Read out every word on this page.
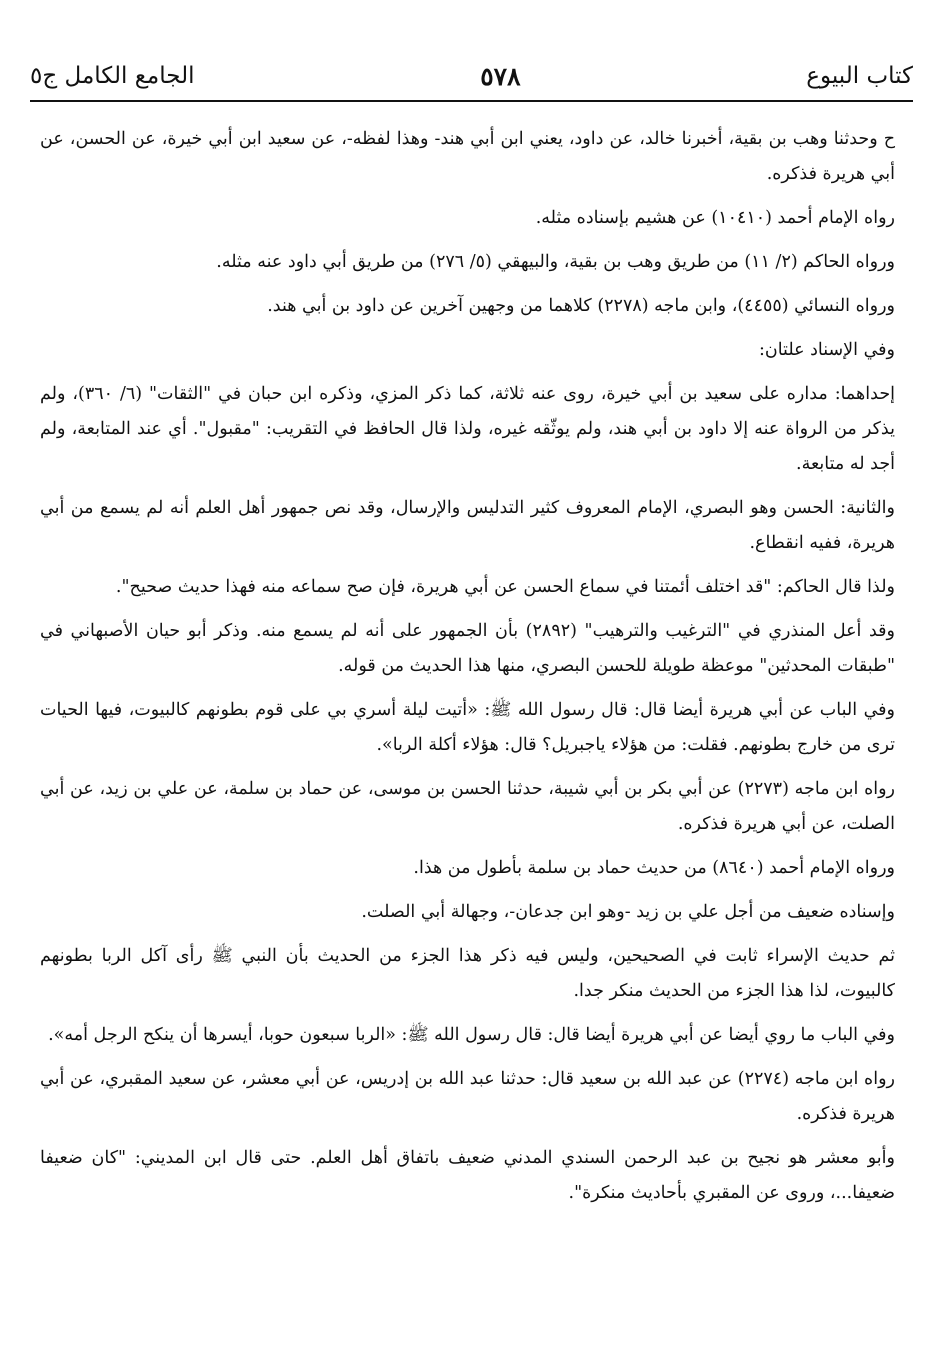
كتاب البيوع
٥٧٨
الجامع الكامل ج٥

ح وحدثنا وهب بن بقية، أخبرنا خالد، عن داود، يعني ابن أبي هند- وهذا لفظه-، عن سعيد ابن أبي خيرة، عن الحسن، عن أبي هريرة فذكره.

رواه الإمام أحمد (١٠٤١٠) عن هشيم بإسناده مثله.

ورواه الحاكم (٢/ ١١) من طريق وهب بن بقية، والبيهقي (٥/ ٢٧٦) من طريق أبي داود عنه مثله.

ورواه النسائي (٤٤٥٥)، وابن ماجه (٢٢٧٨) كلاهما من وجهين آخرين عن داود بن أبي هند.

وفي الإسناد علتان:

إحداهما: مداره على سعيد بن أبي خيرة، روى عنه ثلاثة، كما ذكر المزي، وذكره ابن حبان في "الثقات" (٦/ ٣٦٠)، ولم يذكر من الرواة عنه إلا داود بن أبي هند، ولم يوثّقه غيره، ولذا قال الحافظ في التقريب: "مقبول". أي عند المتابعة، ولم أجد له متابعة.

والثانية: الحسن وهو البصري، الإمام المعروف كثير التدليس والإرسال، وقد نص جمهور أهل العلم أنه لم يسمع من أبي هريرة، ففيه انقطاع.

ولذا قال الحاكم: "قد اختلف أئمتنا في سماع الحسن عن أبي هريرة، فإن صح سماعه منه فهذا حديث صحيح".

وقد أعل المنذري في "الترغيب والترهيب" (٢٨٩٢) بأن الجمهور على أنه لم يسمع منه. وذكر أبو حيان الأصبهاني في "طبقات المحدثين" موعظة طويلة للحسن البصري، منها هذا الحديث من قوله.

وفي الباب عن أبي هريرة أيضا قال: قال رسول الله ﷺ: «أتيت ليلة أسري بي على قوم بطونهم كالبيوت، فيها الحيات ترى من خارج بطونهم. فقلت: من هؤلاء ياجبريل؟ قال: هؤلاء أكلة الربا».

رواه ابن ماجه (٢٢٧٣) عن أبي بكر بن أبي شيبة، حدثنا الحسن بن موسى، عن حماد بن سلمة، عن علي بن زيد، عن أبي الصلت، عن أبي هريرة فذكره.

ورواه الإمام أحمد (٨٦٤٠) من حديث حماد بن سلمة بأطول من هذا.

وإسناده ضعيف من أجل علي بن زيد -وهو ابن جدعان-، وجهالة أبي الصلت.

ثم حديث الإسراء ثابت في الصحيحين، وليس فيه ذكر هذا الجزء من الحديث بأن النبي ﷺ رأى آكل الربا بطونهم كالبيوت، لذا هذا الجزء من الحديث منكر جدا.

وفي الباب ما روي أيضا عن أبي هريرة أيضا قال: قال رسول الله ﷺ: «الربا سبعون حوبا، أيسرها أن ينكح الرجل أمه».

رواه ابن ماجه (٢٢٧٤) عن عبد الله بن سعيد قال: حدثنا عبد الله بن إدريس، عن أبي معشر، عن سعيد المقبري، عن أبي هريرة فذكره.

وأبو معشر هو نجيح بن عبد الرحمن السندي المدني ضعيف باتفاق أهل العلم. حتى قال ابن المديني: "كان ضعيفا ضعيفا...، وروى عن المقبري بأحاديث منكرة".
